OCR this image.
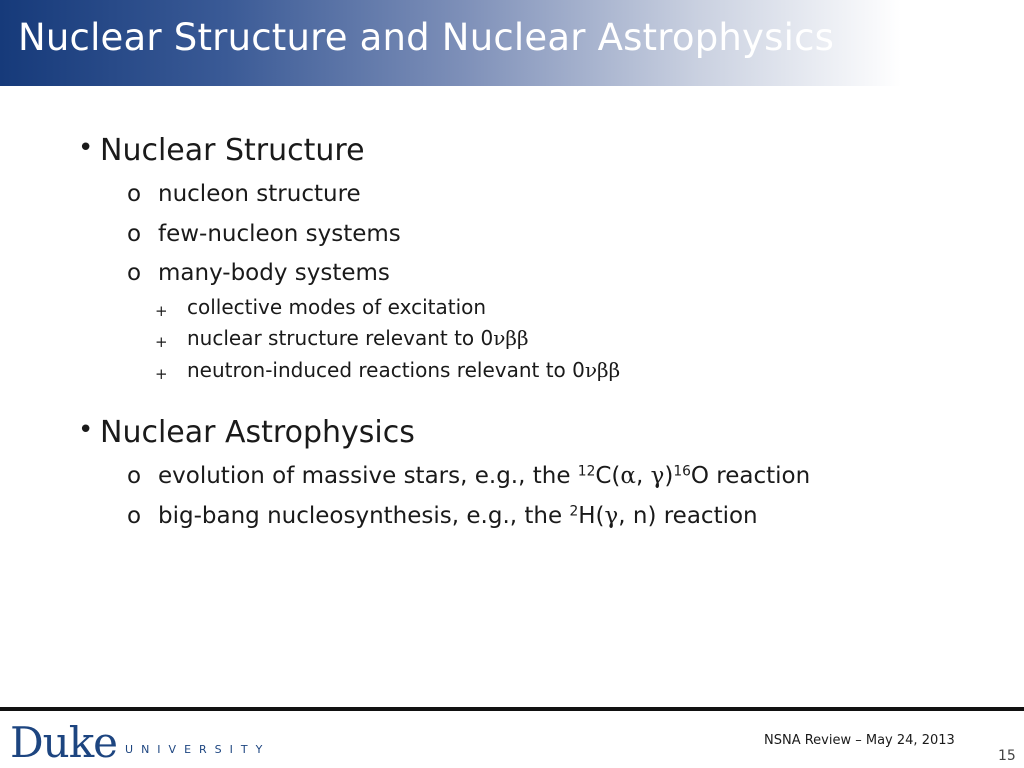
Nuclear Structure and Nuclear Astrophysics
• Nuclear Structure
o nucleon structure
o few-nucleon systems
o many-body systems
+ collective modes of excitation
+ nuclear structure relevant to 0νββ
+ neutron-induced reactions relevant to 0νββ
• Nuclear Astrophysics
o evolution of massive stars, e.g., the $^{12}$C(α, γ)$^{16}$O reaction
o big-bang nucleosynthesis, e.g., the $^2$H(γ, n) reaction
Duke UNIVERSITY
NSNA Review – May 24, 2013
15
